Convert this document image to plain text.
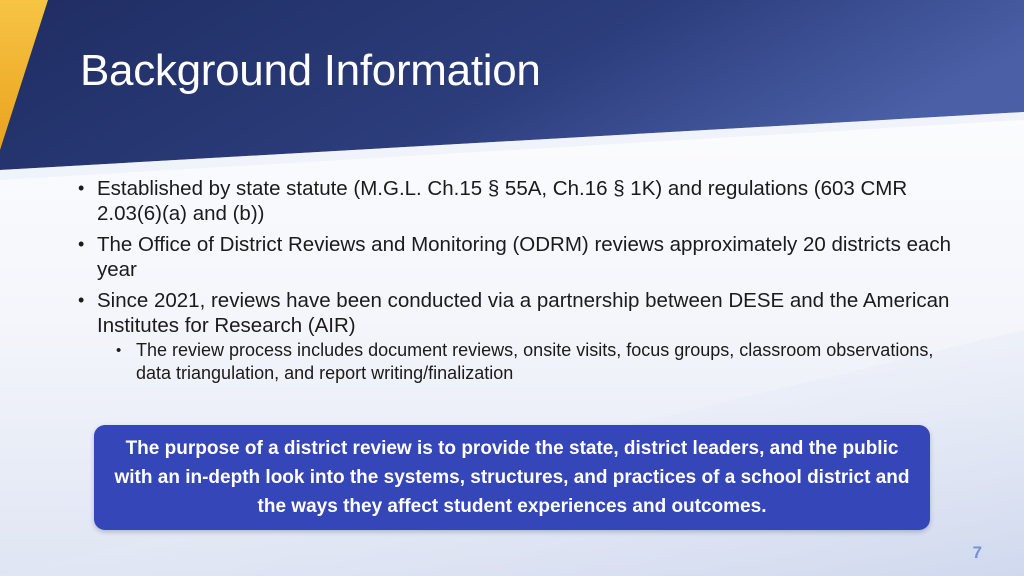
Background Information
• Established by state statute (M.G.L. Ch.15 § 55A, Ch.16 § 1K) and regulations (603 CMR 2.03(6)(a) and (b))
• The Office of District Reviews and Monitoring (ODRM) reviews approximately 20 districts each year
• Since 2021, reviews have been conducted via a partnership between DESE and the American Institutes for Research (AIR)
• The review process includes document reviews, onsite visits, focus groups, classroom observations, data triangulation, and report writing/finalization

The purpose of a district review is to provide the state, district leaders, and the public with an in-depth look into the systems, structures, and practices of a school district and the ways they affect student experiences and outcomes.

7
